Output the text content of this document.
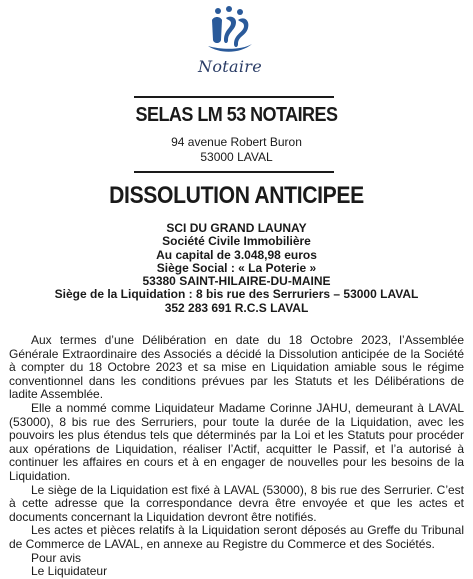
Notaire
SELAS LM 53 NOTAIRES
94 avenue Robert Buron
53000 LAVAL
DISSOLUTION ANTICIPEE
SCI DU GRAND LAUNAY
Société Civile Immobilière
Au capital de 3.048,98 euros
Siège Social : « La Poterie »
53380 SAINT-HILAIRE-DU-MAINE
Siège de la Liquidation : 8 bis rue des Serruriers – 53000 LAVAL
352 283 691 R.C.S LAVAL

Aux termes d’une Délibération en date du 18 Octobre 2023, l’Assemblée Générale Extraordinaire des Associés a décidé la Dissolution anticipée de la Société à compter du 18 Octobre 2023 et sa mise en Liquidation amiable sous le régime conventionnel dans les conditions prévues par les Statuts et les Délibérations de ladite Assemblée.

Elle a nommé comme Liquidateur Madame Corinne JAHU, demeurant à LAVAL (53000), 8 bis rue des Serruriers, pour toute la durée de la Liquidation, avec les pouvoirs les plus étendus tels que déterminés par la Loi et les Statuts pour procéder aux opérations de Liquidation, réaliser l’Actif, acquitter le Passif, et l’a autorisé à continuer les affaires en cours et à en engager de nouvelles pour les besoins de la Liquidation.

Le siège de la Liquidation est fixé à LAVAL (53000), 8 bis rue des Serrurier. C’est à cette adresse que la correspondance devra être envoyée et que les actes et documents concernant la Liquidation devront être notifiés.

Les actes et pièces relatifs à la Liquidation seront déposés au Greffe du Tribunal de Commerce de LAVAL, en annexe au Registre du Commerce et des Sociétés.

Pour avis

Le Liquidateur
